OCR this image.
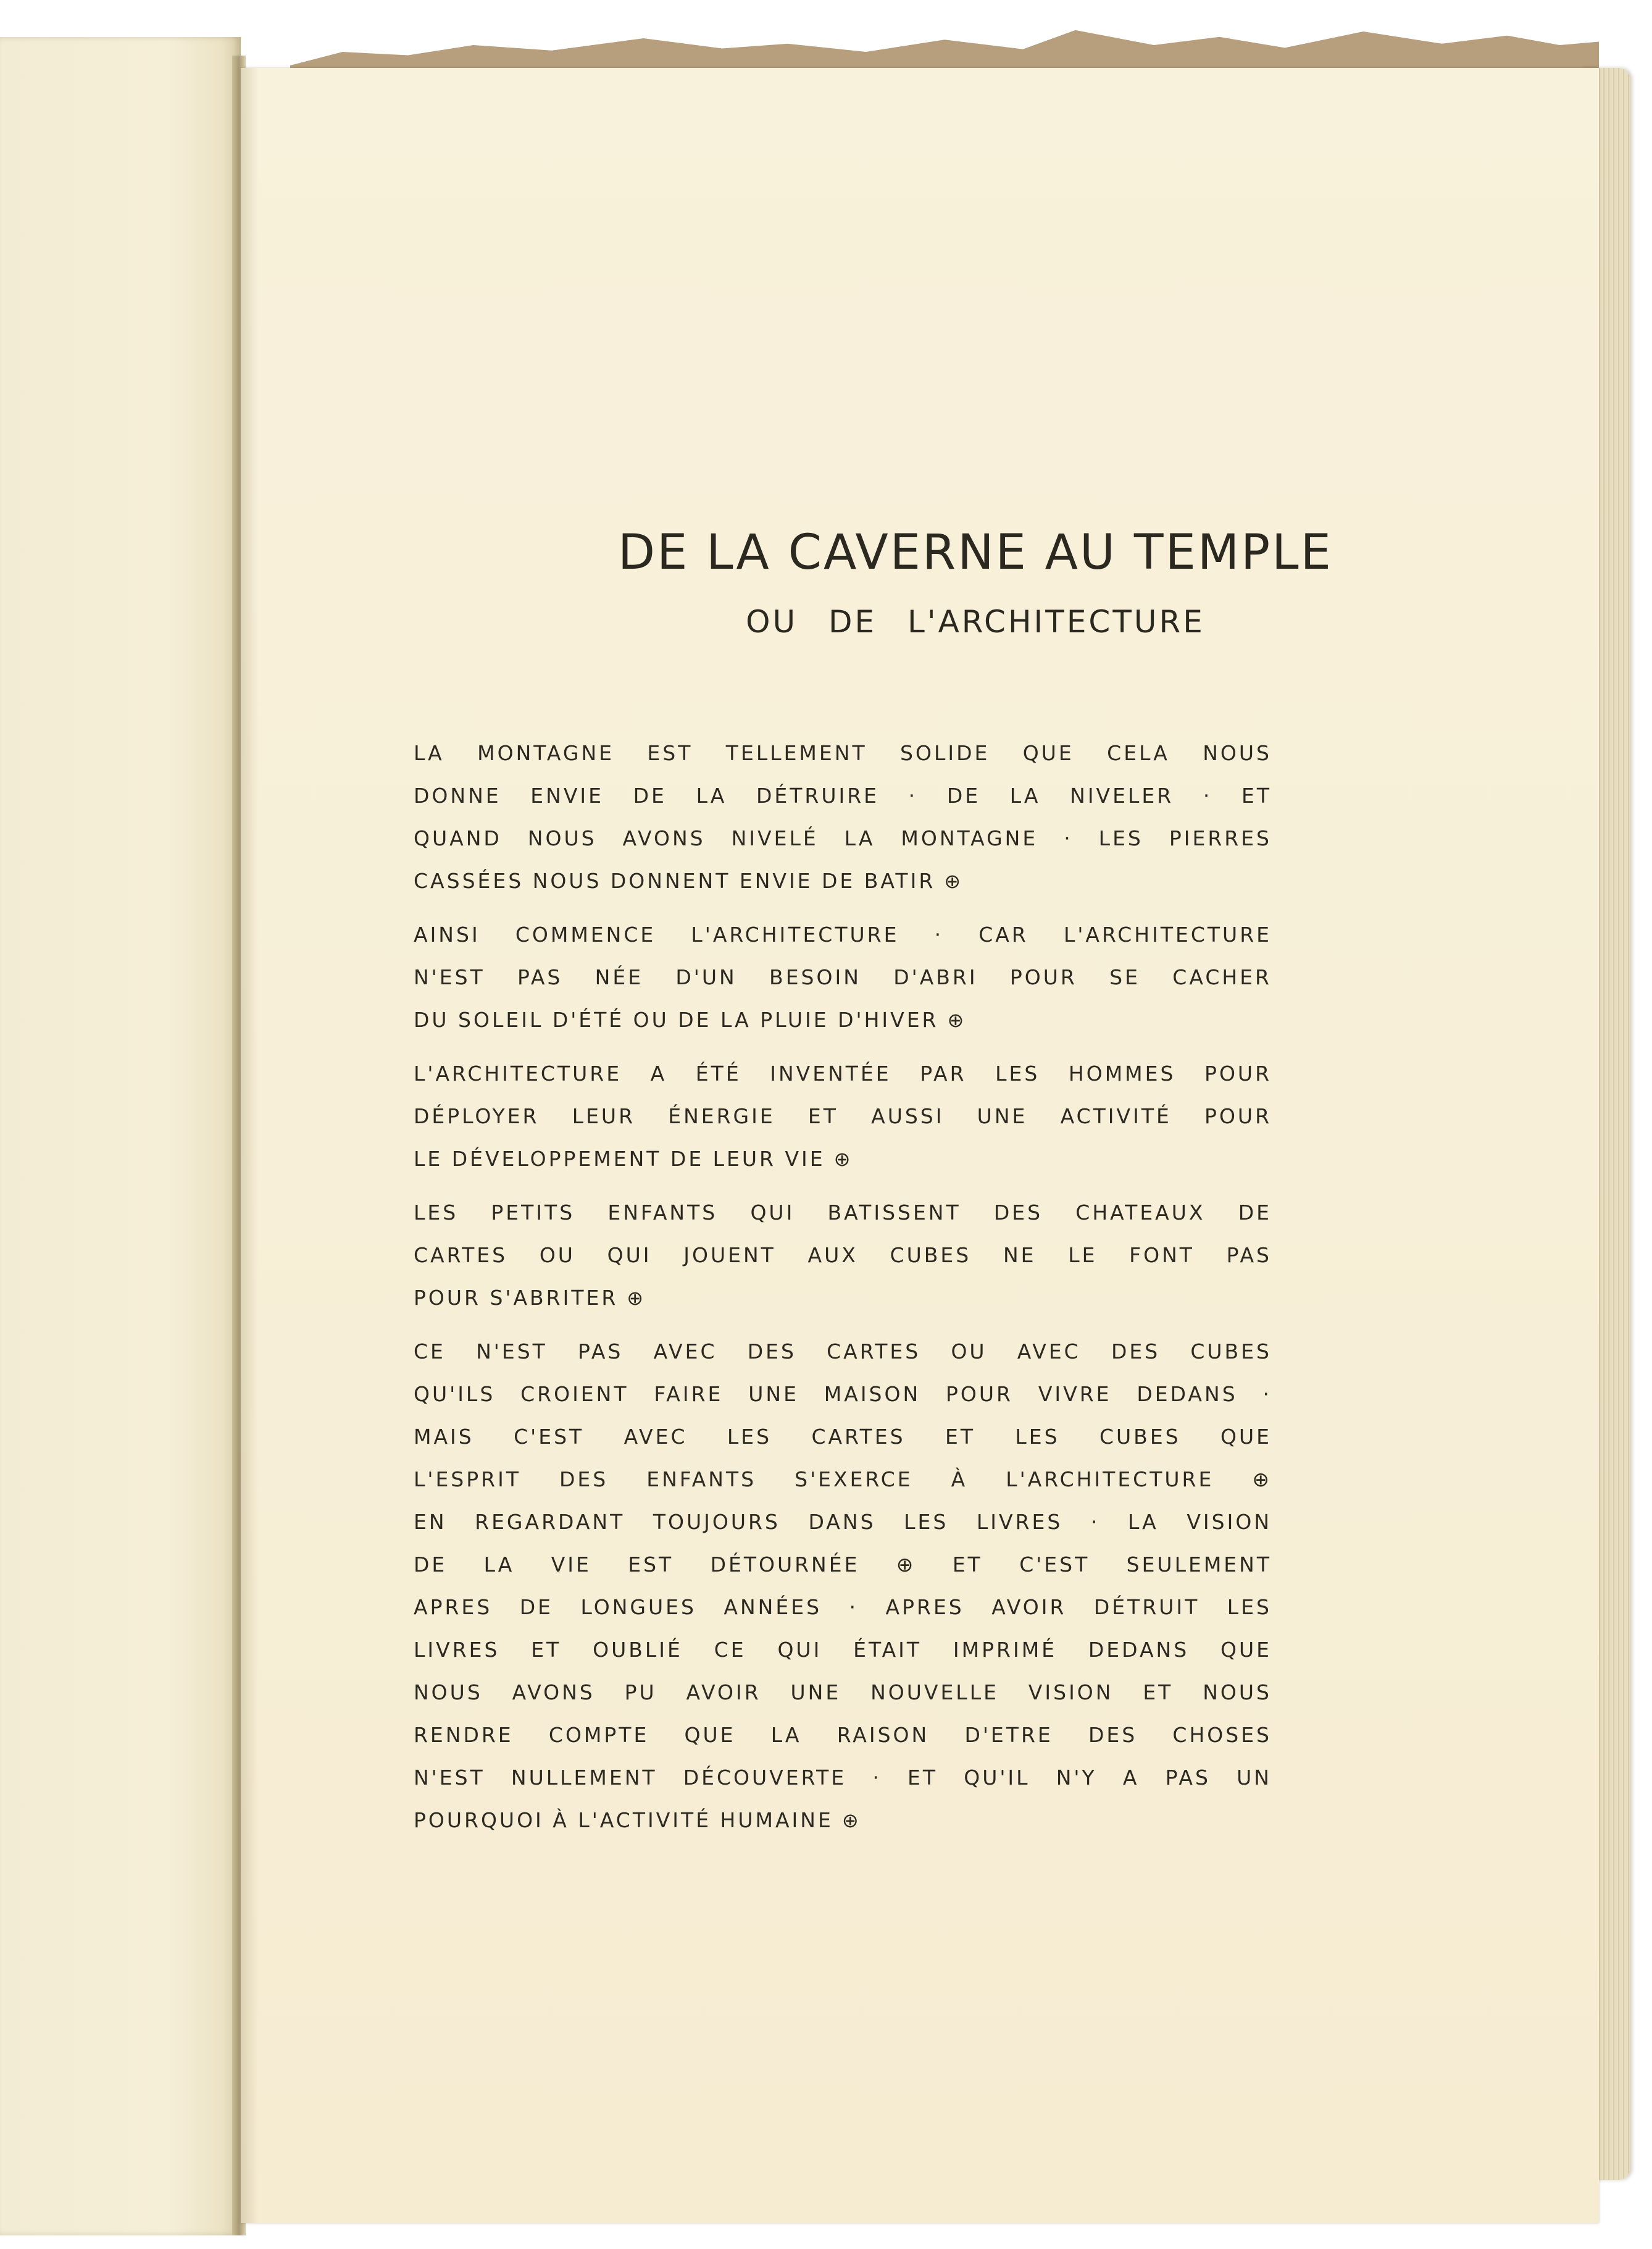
DE LA CAVERNE AU TEMPLE
OU DE L'ARCHITECTURE
LA MONTAGNE EST TELLEMENT SOLIDE QUE CELA NOUS
DONNE ENVIE DE LA DÉTRUIRE · DE LA NIVELER · ET
QUAND NOUS AVONS NIVELÉ LA MONTAGNE · LES PIERRES
CASSÉES NOUS DONNENT ENVIE DE BATIR ⊕
AINSI COMMENCE L'ARCHITECTURE · CAR L'ARCHITECTURE
N'EST PAS NÉE D'UN BESOIN D'ABRI POUR SE CACHER
DU SOLEIL D'ÉTÉ OU DE LA PLUIE D'HIVER ⊕
L'ARCHITECTURE A ÉTÉ INVENTÉE PAR LES HOMMES POUR
DÉPLOYER LEUR ÉNERGIE ET AUSSI UNE ACTIVITÉ POUR
LE DÉVELOPPEMENT DE LEUR VIE ⊕
LES PETITS ENFANTS QUI BATISSENT DES CHATEAUX DE
CARTES OU QUI JOUENT AUX CUBES NE LE FONT PAS
POUR S'ABRITER ⊕
CE N'EST PAS AVEC DES CARTES OU AVEC DES CUBES
QU'ILS CROIENT FAIRE UNE MAISON POUR VIVRE DEDANS ·
MAIS C'EST AVEC LES CARTES ET LES CUBES QUE
L'ESPRIT DES ENFANTS S'EXERCE À L'ARCHITECTURE ⊕
EN REGARDANT TOUJOURS DANS LES LIVRES · LA VISION
DE LA VIE EST DÉTOURNÉE ⊕ ET C'EST SEULEMENT
APRES DE LONGUES ANNÉES · APRES AVOIR DÉTRUIT LES
LIVRES ET OUBLIÉ CE QUI ÉTAIT IMPRIMÉ DEDANS QUE
NOUS AVONS PU AVOIR UNE NOUVELLE VISION ET NOUS
RENDRE COMPTE QUE LA RAISON D'ETRE DES CHOSES
N'EST NULLEMENT DÉCOUVERTE · ET QU'IL N'Y A PAS UN
POURQUOI À L'ACTIVITÉ HUMAINE ⊕
